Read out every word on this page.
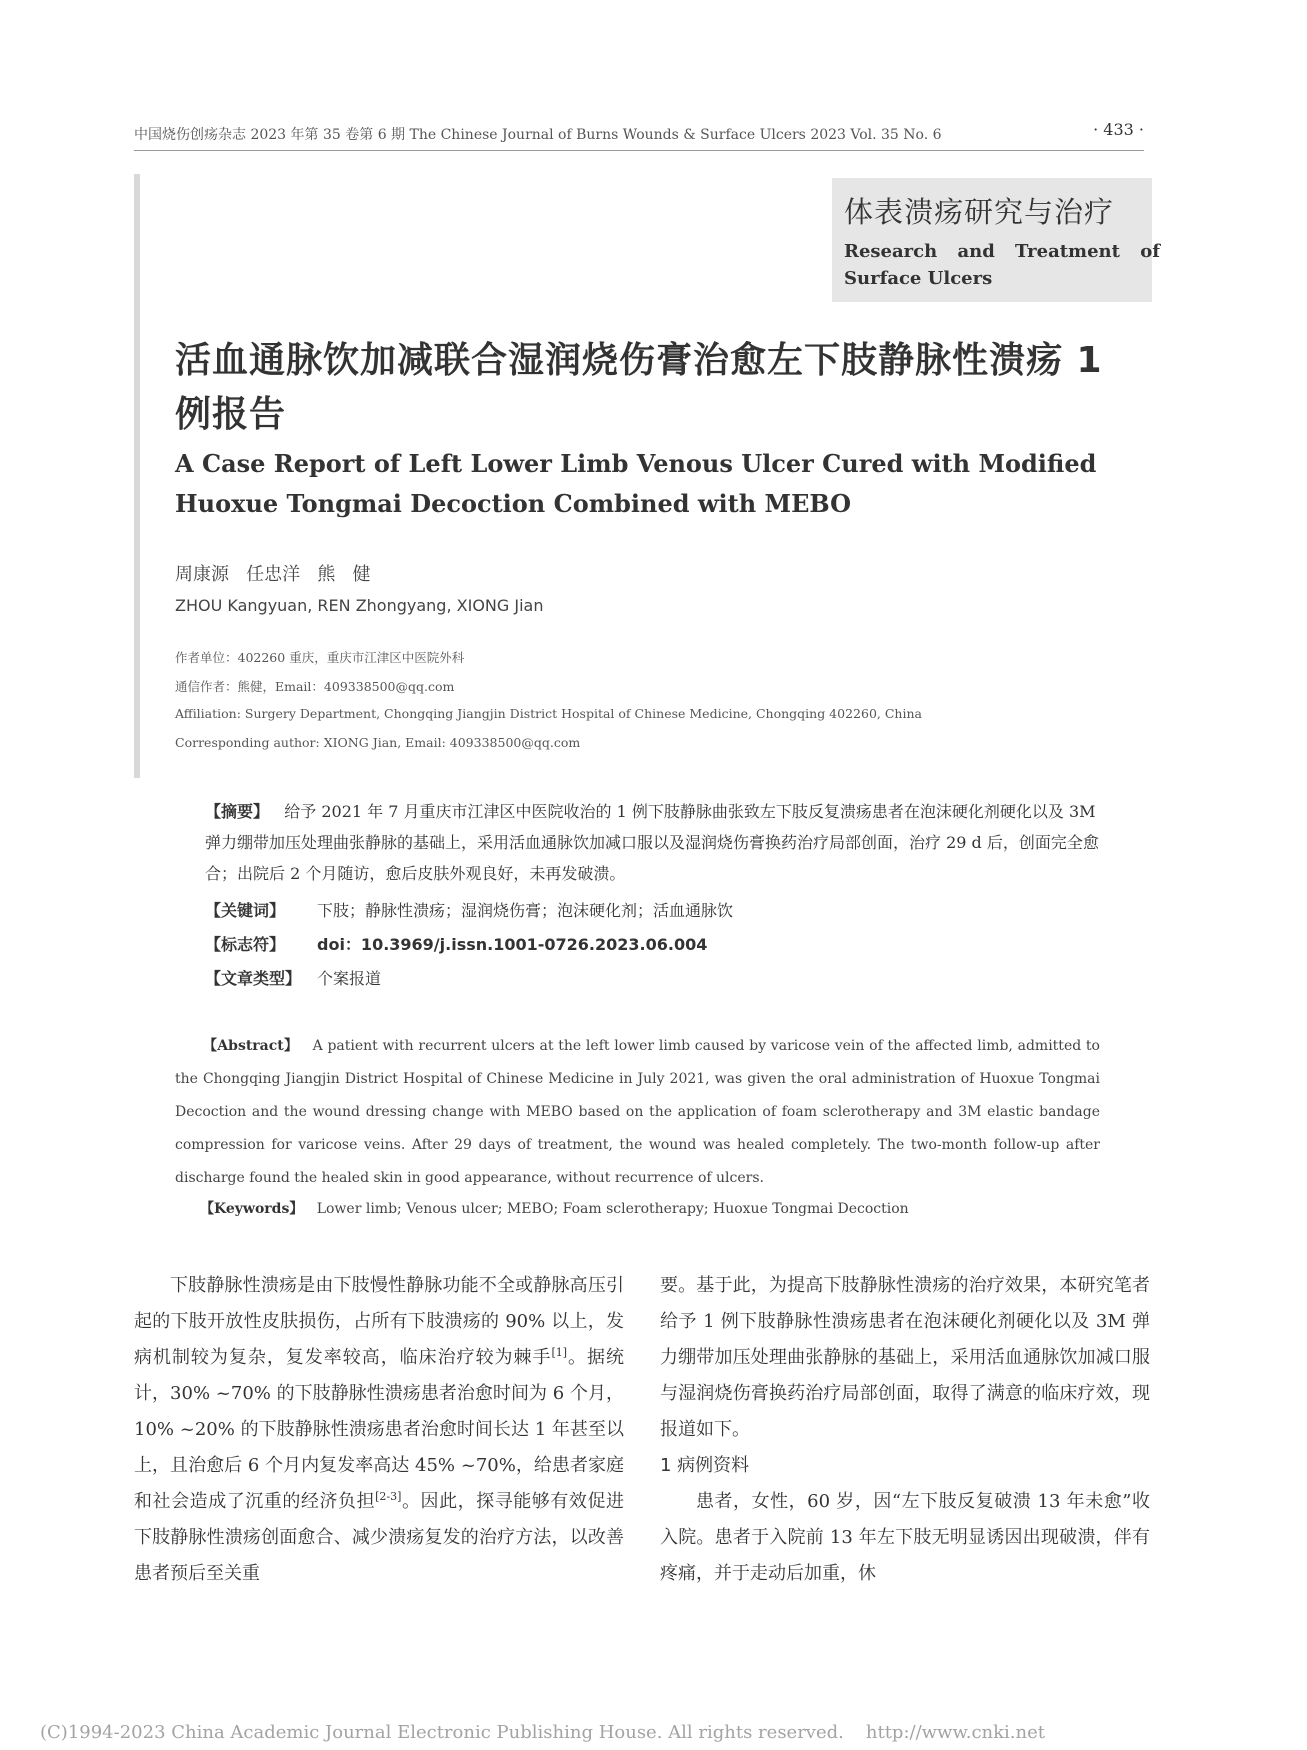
中国烧伤创疡杂志 2023 年第 35 卷第 6 期 The Chinese Journal of Burns Wounds & Surface Ulcers 2023 Vol. 35 No. 6	· 433 ·
体表溃疡研究与治疗
Research and Treatment of
Surface Ulcers
活血通脉饮加减联合湿润烧伤膏治愈左下肢静脉性溃疡 1 例报告
A Case Report of Left Lower Limb Venous Ulcer Cured with Modified Huoxue Tongmai Decoction Combined with MEBO
周康源   任忠洋   熊   健
ZHOU Kangyuan, REN Zhongyang, XIONG Jian
作者单位：402260 重庆，重庆市江津区中医院外科
通信作者：熊健，Email：409338500@qq.com
Affiliation: Surgery Department, Chongqing Jiangjin District Hospital of Chinese Medicine, Chongqing 402260, China
Corresponding author: XIONG Jian, Email: 409338500@qq.com
【摘要】 给予 2021 年 7 月重庆市江津区中医院收治的 1 例下肢静脉曲张致左下肢反复溃疡患者在泡沫硬化剂硬化以及 3M 弹力绷带加压处理曲张静脉的基础上，采用活血通脉饮加减口服以及湿润烧伤膏换药治疗局部创面，治疗 29 d 后，创面完全愈合；出院后 2 个月随访，愈后皮肤外观良好，未再发破溃。
【关键词】 下肢；静脉性溃疡；湿润烧伤膏；泡沫硬化剂；活血通脉饮
【标志符】 doi：10.3969/j.issn.1001-0726.2023.06.004
【文章类型】 个案报道
【Abstract】 A patient with recurrent ulcers at the left lower limb caused by varicose vein of the affected limb, admitted to the Chongqing Jiangjin District Hospital of Chinese Medicine in July 2021, was given the oral administration of Huoxue Tongmai Decoction and the wound dressing change with MEBO based on the application of foam sclerotherapy and 3M elastic bandage compression for varicose veins. After 29 days of treatment, the wound was healed completely. The two-month follow-up after discharge found the healed skin in good appearance, without recurrence of ulcers.
【Keywords】 Lower limb; Venous ulcer; MEBO; Foam sclerotherapy; Huoxue Tongmai Decoction

下肢静脉性溃疡是由下肢慢性静脉功能不全或静脉高压引起的下肢开放性皮肤损伤，占所有下肢溃疡的 90% 以上，发病机制较为复杂，复发率较高，临床治疗较为棘手[1]。据统计，30% ~70% 的下肢静脉性溃疡患者治愈时间为 6 个月，10% ~20% 的下肢静脉性溃疡患者治愈时间长达 1 年甚至以上，且治愈后 6 个月内复发率高达 45% ~70%，给患者家庭和社会造成了沉重的经济负担[2-3]。因此，探寻能够有效促进下肢静脉性溃疡创面愈合、减少溃疡复发的治疗方法，以改善患者预后至关重

要。基于此，为提高下肢静脉性溃疡的治疗效果，本研究笔者给予 1 例下肢静脉性溃疡患者在泡沫硬化剂硬化以及 3M 弹力绷带加压处理曲张静脉的基础上，采用活血通脉饮加减口服与湿润烧伤膏换药治疗局部创面，取得了满意的临床疗效，现报道如下。

1 病例资料

患者，女性，60 岁，因“左下肢反复破溃 13 年未愈”收入院。患者于入院前 13 年左下肢无明显诱因出现破溃，伴有疼痛，并于走动后加重，休

(C)1994-2023 China Academic Journal Electronic Publishing House. All rights reserved. http://www.cnki.net
